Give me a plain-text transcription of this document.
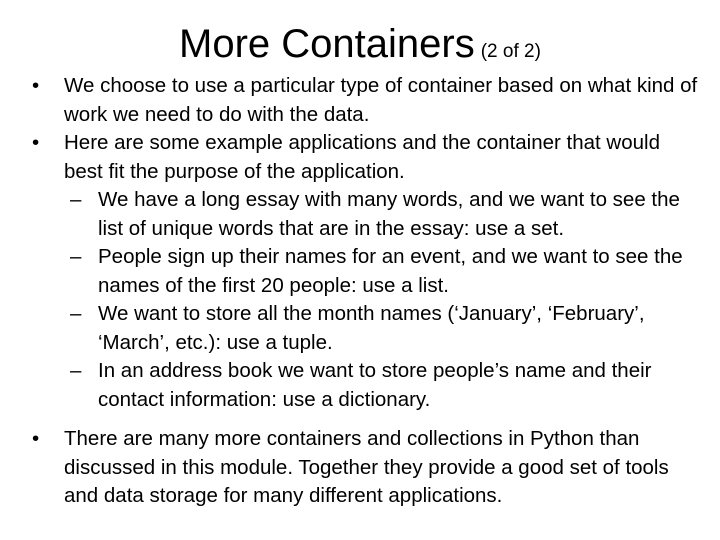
More Containers (2 of 2)
• We choose to use a particular type of container based on what kind of work we need to do with the data.
• Here are some example applications and the container that would best fit the purpose of the application.
– We have a long essay with many words, and we want to see the list of unique words that are in the essay: use a set.
– People sign up their names for an event, and we want to see the names of the first 20 people: use a list.
– We want to store all the month names (‘January’, ‘February’, ‘March’, etc.): use a tuple.
– In an address book we want to store people’s name and their contact information: use a dictionary.
• There are many more containers and collections in Python than discussed in this module. Together they provide a good set of tools and data storage for many different applications.
